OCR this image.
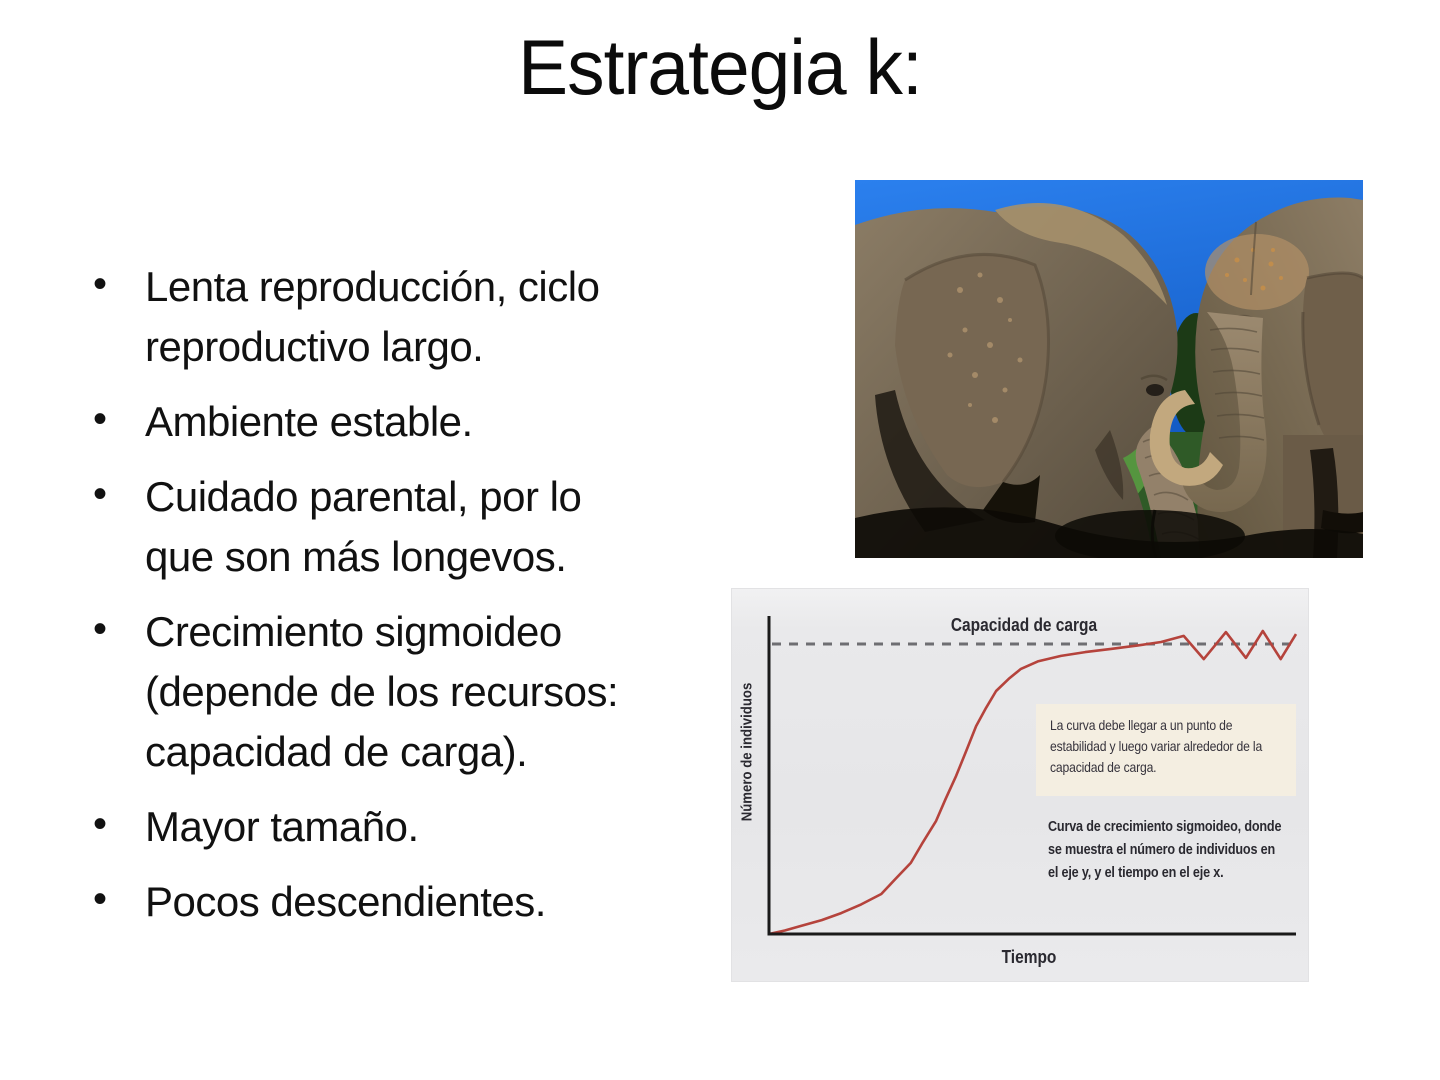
Estrategia k:
• Lenta reproducción, ciclo
reproductivo largo.
• Ambiente estable.
• Cuidado parental, por lo
que son más longevos.
• Crecimiento sigmoideo
(depende de los recursos:
capacidad de carga).
• Mayor tamaño.
• Pocos descendientes.
Capacidad de carga
Número de individuos
Tiempo
La curva debe llegar a un punto de
estabilidad y luego variar alrededor de la
capacidad de carga.
Curva de crecimiento sigmoideo, donde
se muestra el número de individuos en
el eje y, y el tiempo en el eje x.
